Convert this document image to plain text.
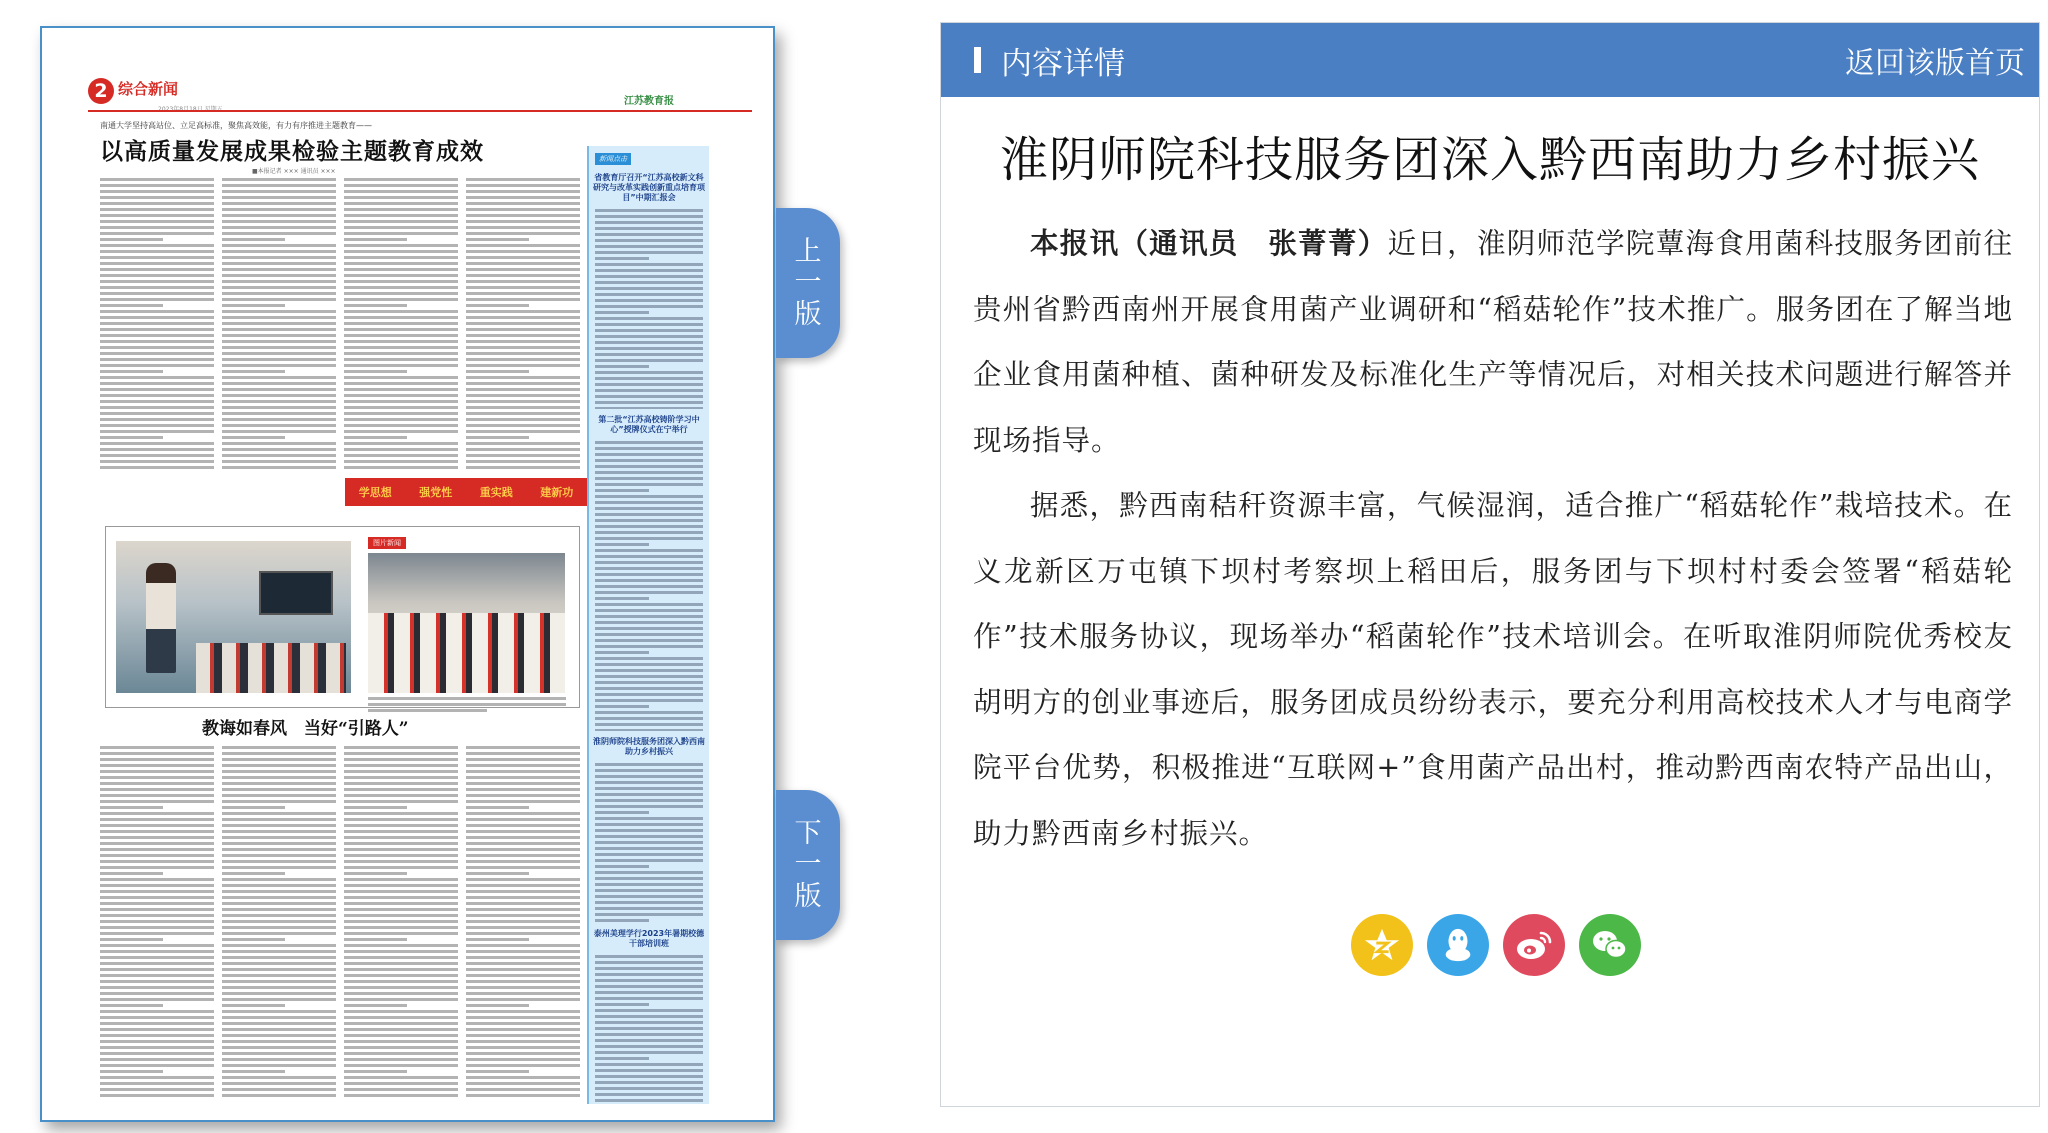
2 综合新闻
江苏教育报
南通大学坚持高站位、立足高标准，聚焦高效能，有力有序推进主题教育——
以高质量发展成果检验主题教育成效
■本报记者 ××× 通讯员 ×××
学思想	强党性	重实践	建新功
图片新闻
教诲如春风　当好“引路人”
新闻点击
省教育厅召开“江苏高校新文科研究与改革实践创新重点培育项目”中期汇报会
第二批“江苏高校铸阶学习中心”授牌仪式在宁举行
淮阴师院科技服务团深入黔西南助力乡村振兴
泰州美理学行2023年暑期校德干部培训班
上
一
版
下
一
版
内容详情	返回该版首页
淮阴师院科技服务团深入黔西南助力乡村振兴

本报讯（通讯员　张菁菁）近日，淮阴师范学院蕈海食用菌科技服务团前往贵州省黔西南州开展食用菌产业调研和“稻菇轮作”技术推广。服务团在了解当地企业食用菌种植、菌种研发及标准化生产等情况后，对相关技术问题进行解答并现场指导。

据悉，黔西南秸秆资源丰富，气候湿润，适合推广“稻菇轮作”栽培技术。在义龙新区万屯镇下坝村考察坝上稻田后，服务团与下坝村村委会签署“稻菇轮作”技术服务协议，现场举办“稻菌轮作”技术培训会。在听取淮阴师院优秀校友胡明方的创业事迹后，服务团成员纷纷表示，要充分利用高校技术人才与电商学院平台优势，积极推进“互联网+”食用菌产品出村，推动黔西南农特产品出山，助力黔西南乡村振兴。
